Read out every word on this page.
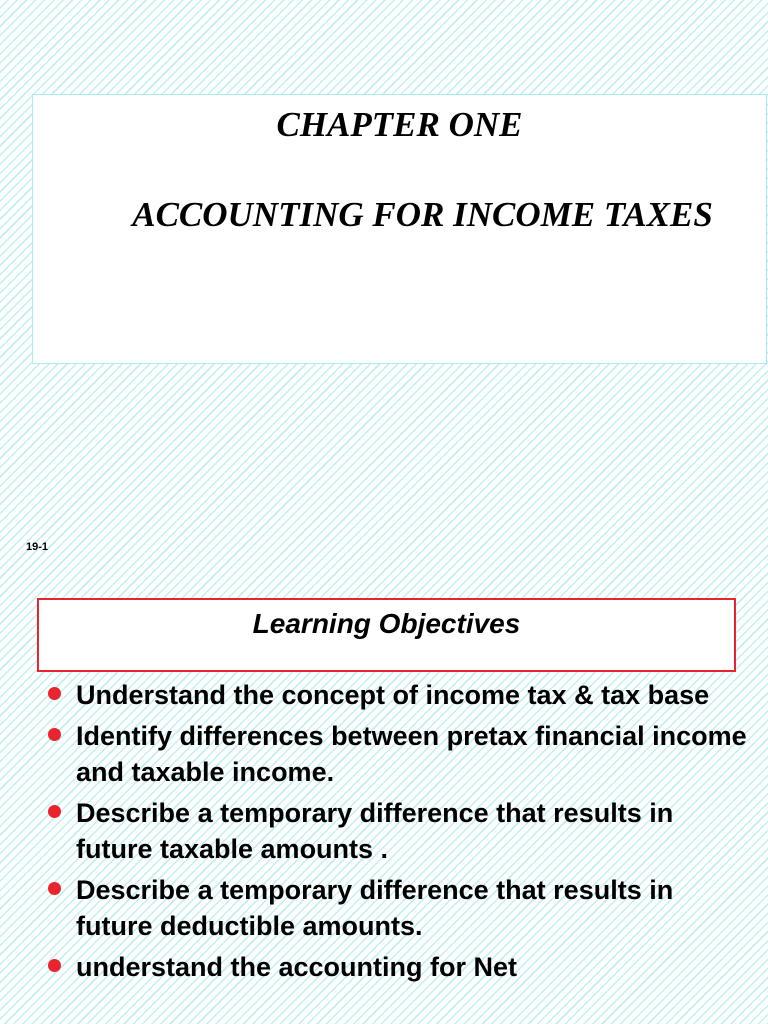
CHAPTER ONE
ACCOUNTING FOR INCOME TAXES
19-1
Learning Objectives
Understand the concept of income tax & tax base
Identify differences between pretax financial income and taxable income.
Describe a temporary difference that results in future taxable amounts .
Describe a temporary difference that results in future deductible amounts.
understand the accounting for Net
